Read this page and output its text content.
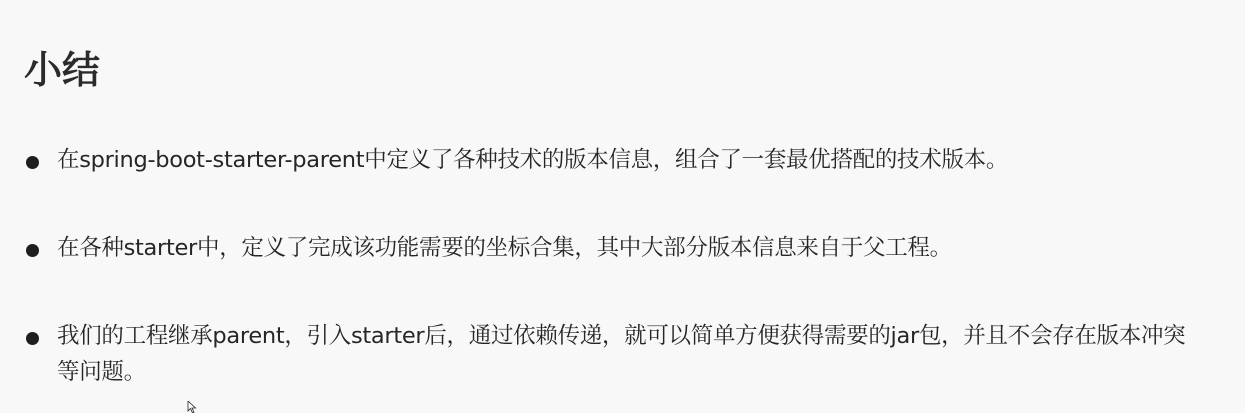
小结
在spring-boot-starter-parent中定义了各种技术的版本信息，组合了一套最优搭配的技术版本。
在各种starter中，定义了完成该功能需要的坐标合集，其中大部分版本信息来自于父工程。
我们的工程继承parent，引入starter后，通过依赖传递，就可以简单方便获得需要的jar包，并且不会存在版本冲突等问题。
